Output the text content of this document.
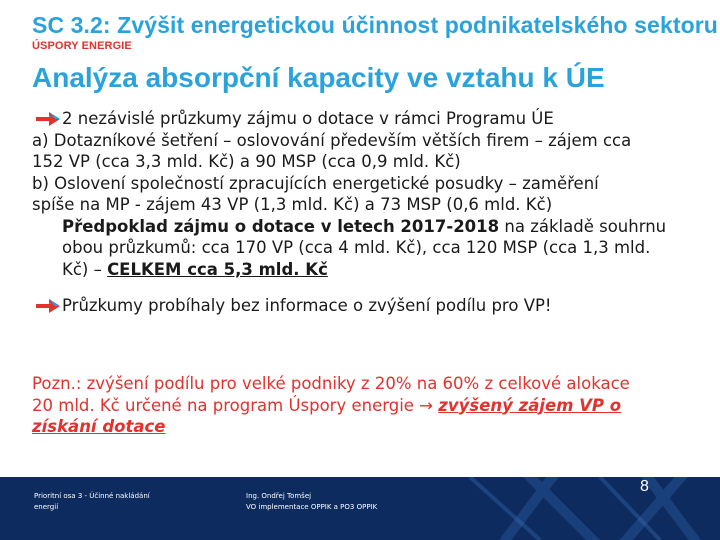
SC 3.2: Zvýšit energetickou účinnost podnikatelského sektoru
ÚSPORY ENERGIE
Analýza absorpční kapacity ve vztahu k ÚE
2 nezávislé průzkumy zájmu o dotace v rámci Programu ÚE
a) Dotazníkové šetření – oslovování především větších firem – zájem cca
152 VP (cca 3,3 mld. Kč) a 90 MSP (cca 0,9 mld. Kč)
b) Oslovení společností zpracujících energetické posudky – zaměření
spíše na MP - zájem 43 VP (1,3 mld. Kč) a 73 MSP (0,6 mld. Kč)
Předpoklad zájmu o dotace v letech 2017-2018 na základě souhrnu
obou průzkumů: cca 170 VP (cca 4 mld. Kč), cca 120 MSP (cca 1,3 mld.
Kč) – CELKEM cca 5,3 mld. Kč
Průzkumy probíhaly bez informace o zvýšení podílu pro VP!
Pozn.: zvýšení podílu pro velké podniky z 20% na 60% z celkové alokace
20 mld. Kč určené na program Úspory energie → zvýšený zájem VP o
získání dotace
Prioritní osa 3 - Účinné nakládání
energií
Ing. Ondřej Tomšej
VO implementace OPPIK a PO3 OPPIK
8
